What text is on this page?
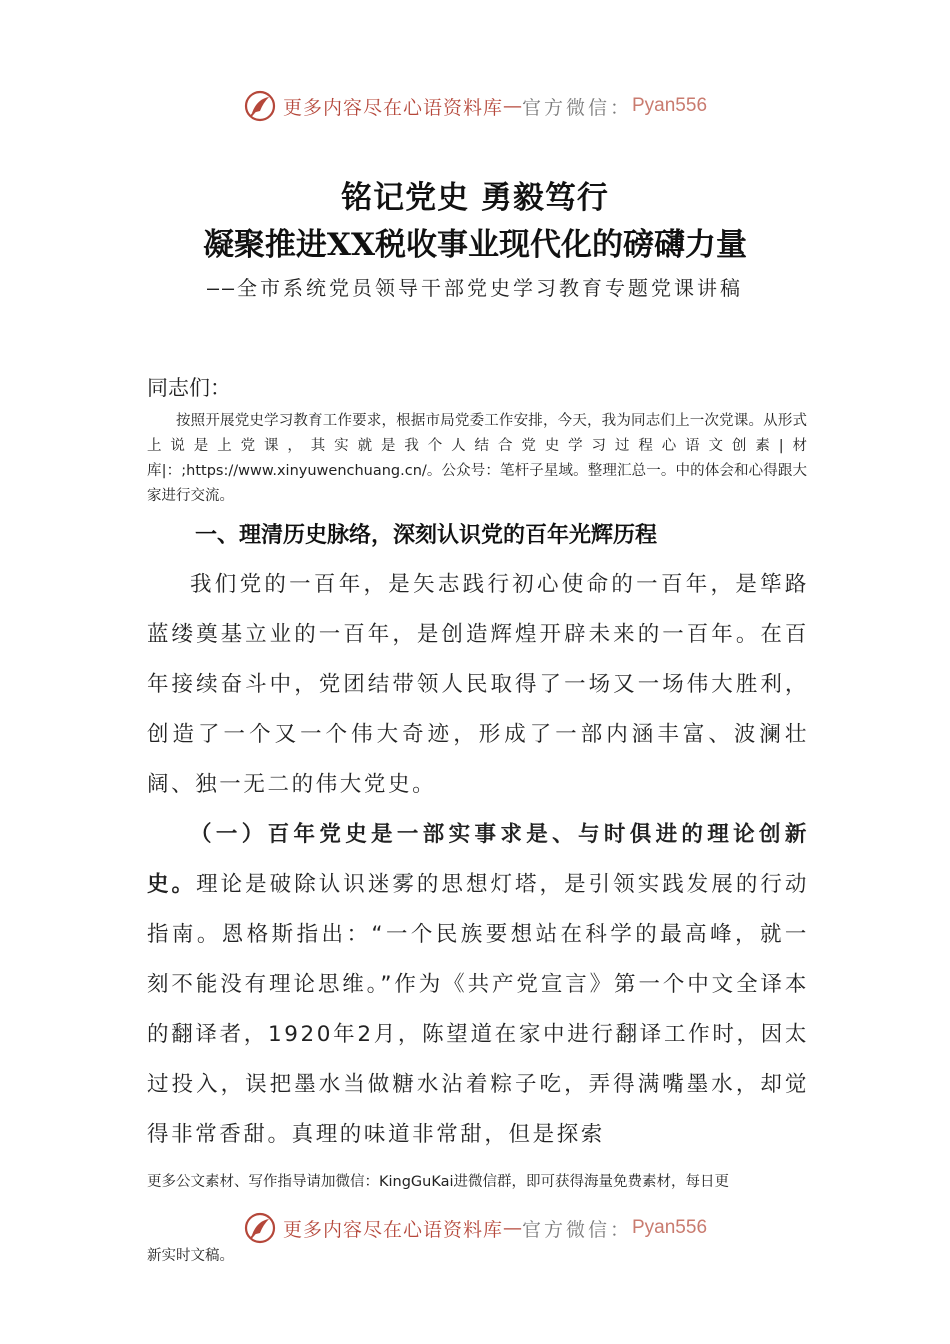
更多内容尽在心语资料库 — 官方微信： Pyan556
铭记党史 勇毅笃行
凝聚推进XX税收事业现代化的磅礴力量
——全市系统党员领导干部党史学习教育专题党课讲稿
同志们：
按照开展党史学习教育工作要求，根据市局党委工作安排，今天，我为同志们上一次党课。从形式上说是上党课，其实就是我个人结合党史学习过程心语文创素|材库|：;https://www.xinyuwenchuang.cn/。公众号：笔杆子星域。整理汇总一。中的体会和心得跟大家进行交流。
一、理清历史脉络，深刻认识党的百年光辉历程
我们党的一百年，是矢志践行初心使命的一百年，是筚路蓝缕奠基立业的一百年，是创造辉煌开辟未来的一百年。在百年接续奋斗中，党团结带领人民取得了一场又一场伟大胜利，创造了一个又一个伟大奇迹，形成了一部内涵丰富、波澜壮阔、独一无二的伟大党史。
（一）百年党史是一部实事求是、与时俱进的理论创新史。理论是破除认识迷雾的思想灯塔，是引领实践发展的行动指南。恩格斯指出：“一个民族要想站在科学的最高峰，就一刻不能没有理论思维。”作为《共产党宣言》第一个中文全译本的翻译者，1920年2月，陈望道在家中进行翻译工作时，因太过投入，误把墨水当做糖水沾着粽子吃，弄得满嘴墨水，却觉得非常香甜。真理的味道非常甜，但是探索
更多公文素材、写作指导请加微信：KingGuKai进微信群，即可获得海量免费素材，每日更
更多内容尽在心语资料库 — 官方微信： Pyan556
新实时文稿。
